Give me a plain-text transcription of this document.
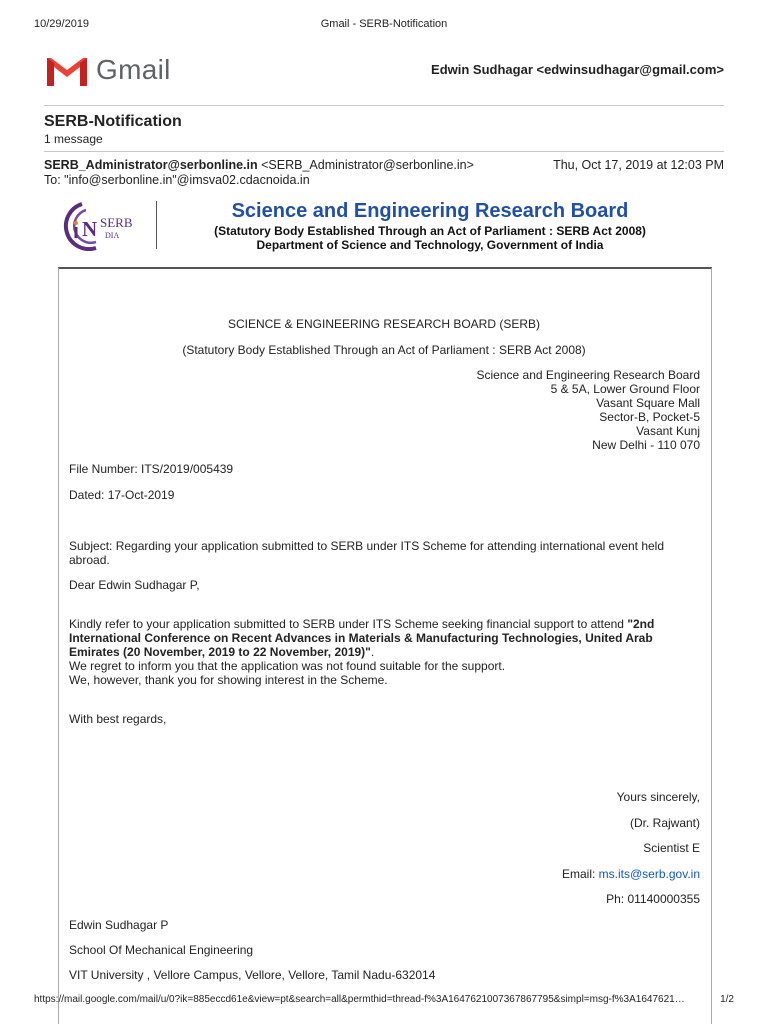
10/29/2019	Gmail - SERB-Notification
Gmail	Edwin Sudhagar <edwinsudhagar@gmail.com>
SERB-Notification
1 message
SERB_Administrator@serbonline.in <SERB_Administrator@serbonline.in>	Thu, Oct 17, 2019 at 12:03 PM
To: "info@serbonline.in"@imsva02.cdacnoida.in
N SERB
DIA
Science and Engineering Research Board
(Statutory Body Established Through an Act of Parliament : SERB Act 2008)
Department of Science and Technology, Government of India
SCIENCE & ENGINEERING RESEARCH BOARD (SERB)
(Statutory Body Established Through an Act of Parliament : SERB Act 2008)
Science and Engineering Research Board
5 & 5A, Lower Ground Floor
Vasant Square Mall
Sector-B, Pocket-5
Vasant Kunj
New Delhi - 110 070
File Number: ITS/2019/005439
Dated: 17-Oct-2019
Subject: Regarding your application submitted to SERB under ITS Scheme for attending international event held
abroad.
Dear Edwin Sudhagar P,
Kindly refer to your application submitted to SERB under ITS Scheme seeking financial support to attend "2nd
International Conference on Recent Advances in Materials & Manufacturing Technologies, United Arab
Emirates (20 November, 2019 to 22 November, 2019)".
We regret to inform you that the application was not found suitable for the support.
We, however, thank you for showing interest in the Scheme.
With best regards,
Yours sincerely,
(Dr. Rajwant)
Scientist E
Email: ms.its@serb.gov.in
Ph: 01140000355
Edwin Sudhagar P
School Of Mechanical Engineering
VIT University , Vellore Campus, Vellore, Vellore, Tamil Nadu-632014
https://mail.google.com/mail/u/0?ik=885eccd61e&view=pt&search=all&permthid=thread-f%3A1647621007367867795&simpl=msg-f%3A1647621…	1/2
